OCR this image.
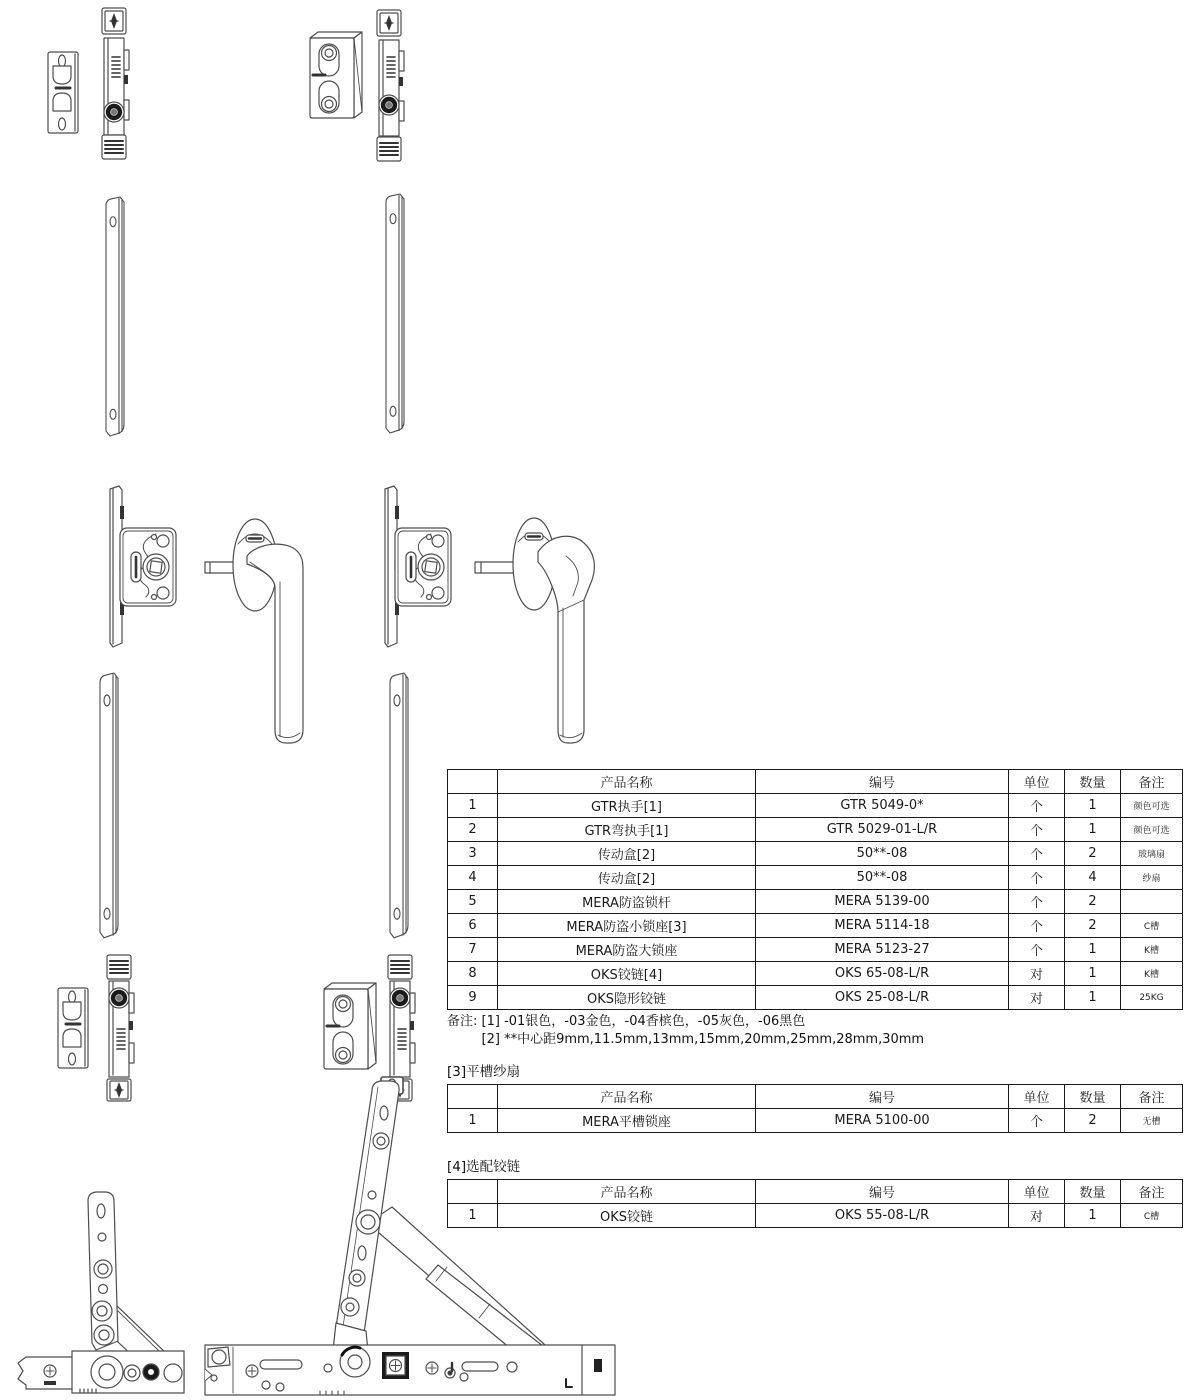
	产品名称	编号	单位	数量	备注
1	GTR执手[1]	GTR 5049-0*	个	1	颜色可选
2	GTR弯执手[1]	GTR 5029-01-L/R	个	1	颜色可选
3	传动盒[2]	50**-08	个	2	玻璃扇
4	传动盒[2]	50**-08	个	4	纱扇
5	MERA防盗锁杆	MERA 5139-00	个	2	
6	MERA防盗小锁座[3]	MERA 5114-18	个	2	C槽
7	MERA防盗大锁座	MERA 5123-27	个	1	K槽
8	OKS铰链[4]	OKS 65-08-L/R	对	1	K槽
9	OKS隐形铰链	OKS 25-08-L/R	对	1	25KG
备注: [1] -01银色，-03金色，-04香槟色，-05灰色，-06黑色
[2] **中心距9mm,11.5mm,13mm,15mm,20mm,25mm,28mm,30mm
[3]平槽纱扇
	产品名称	编号	单位	数量	备注
1	MERA平槽锁座	MERA 5100-00	个	2	无槽
[4]选配铰链
	产品名称	编号	单位	数量	备注
1	OKS铰链	OKS 55-08-L/R	对	1	C槽
